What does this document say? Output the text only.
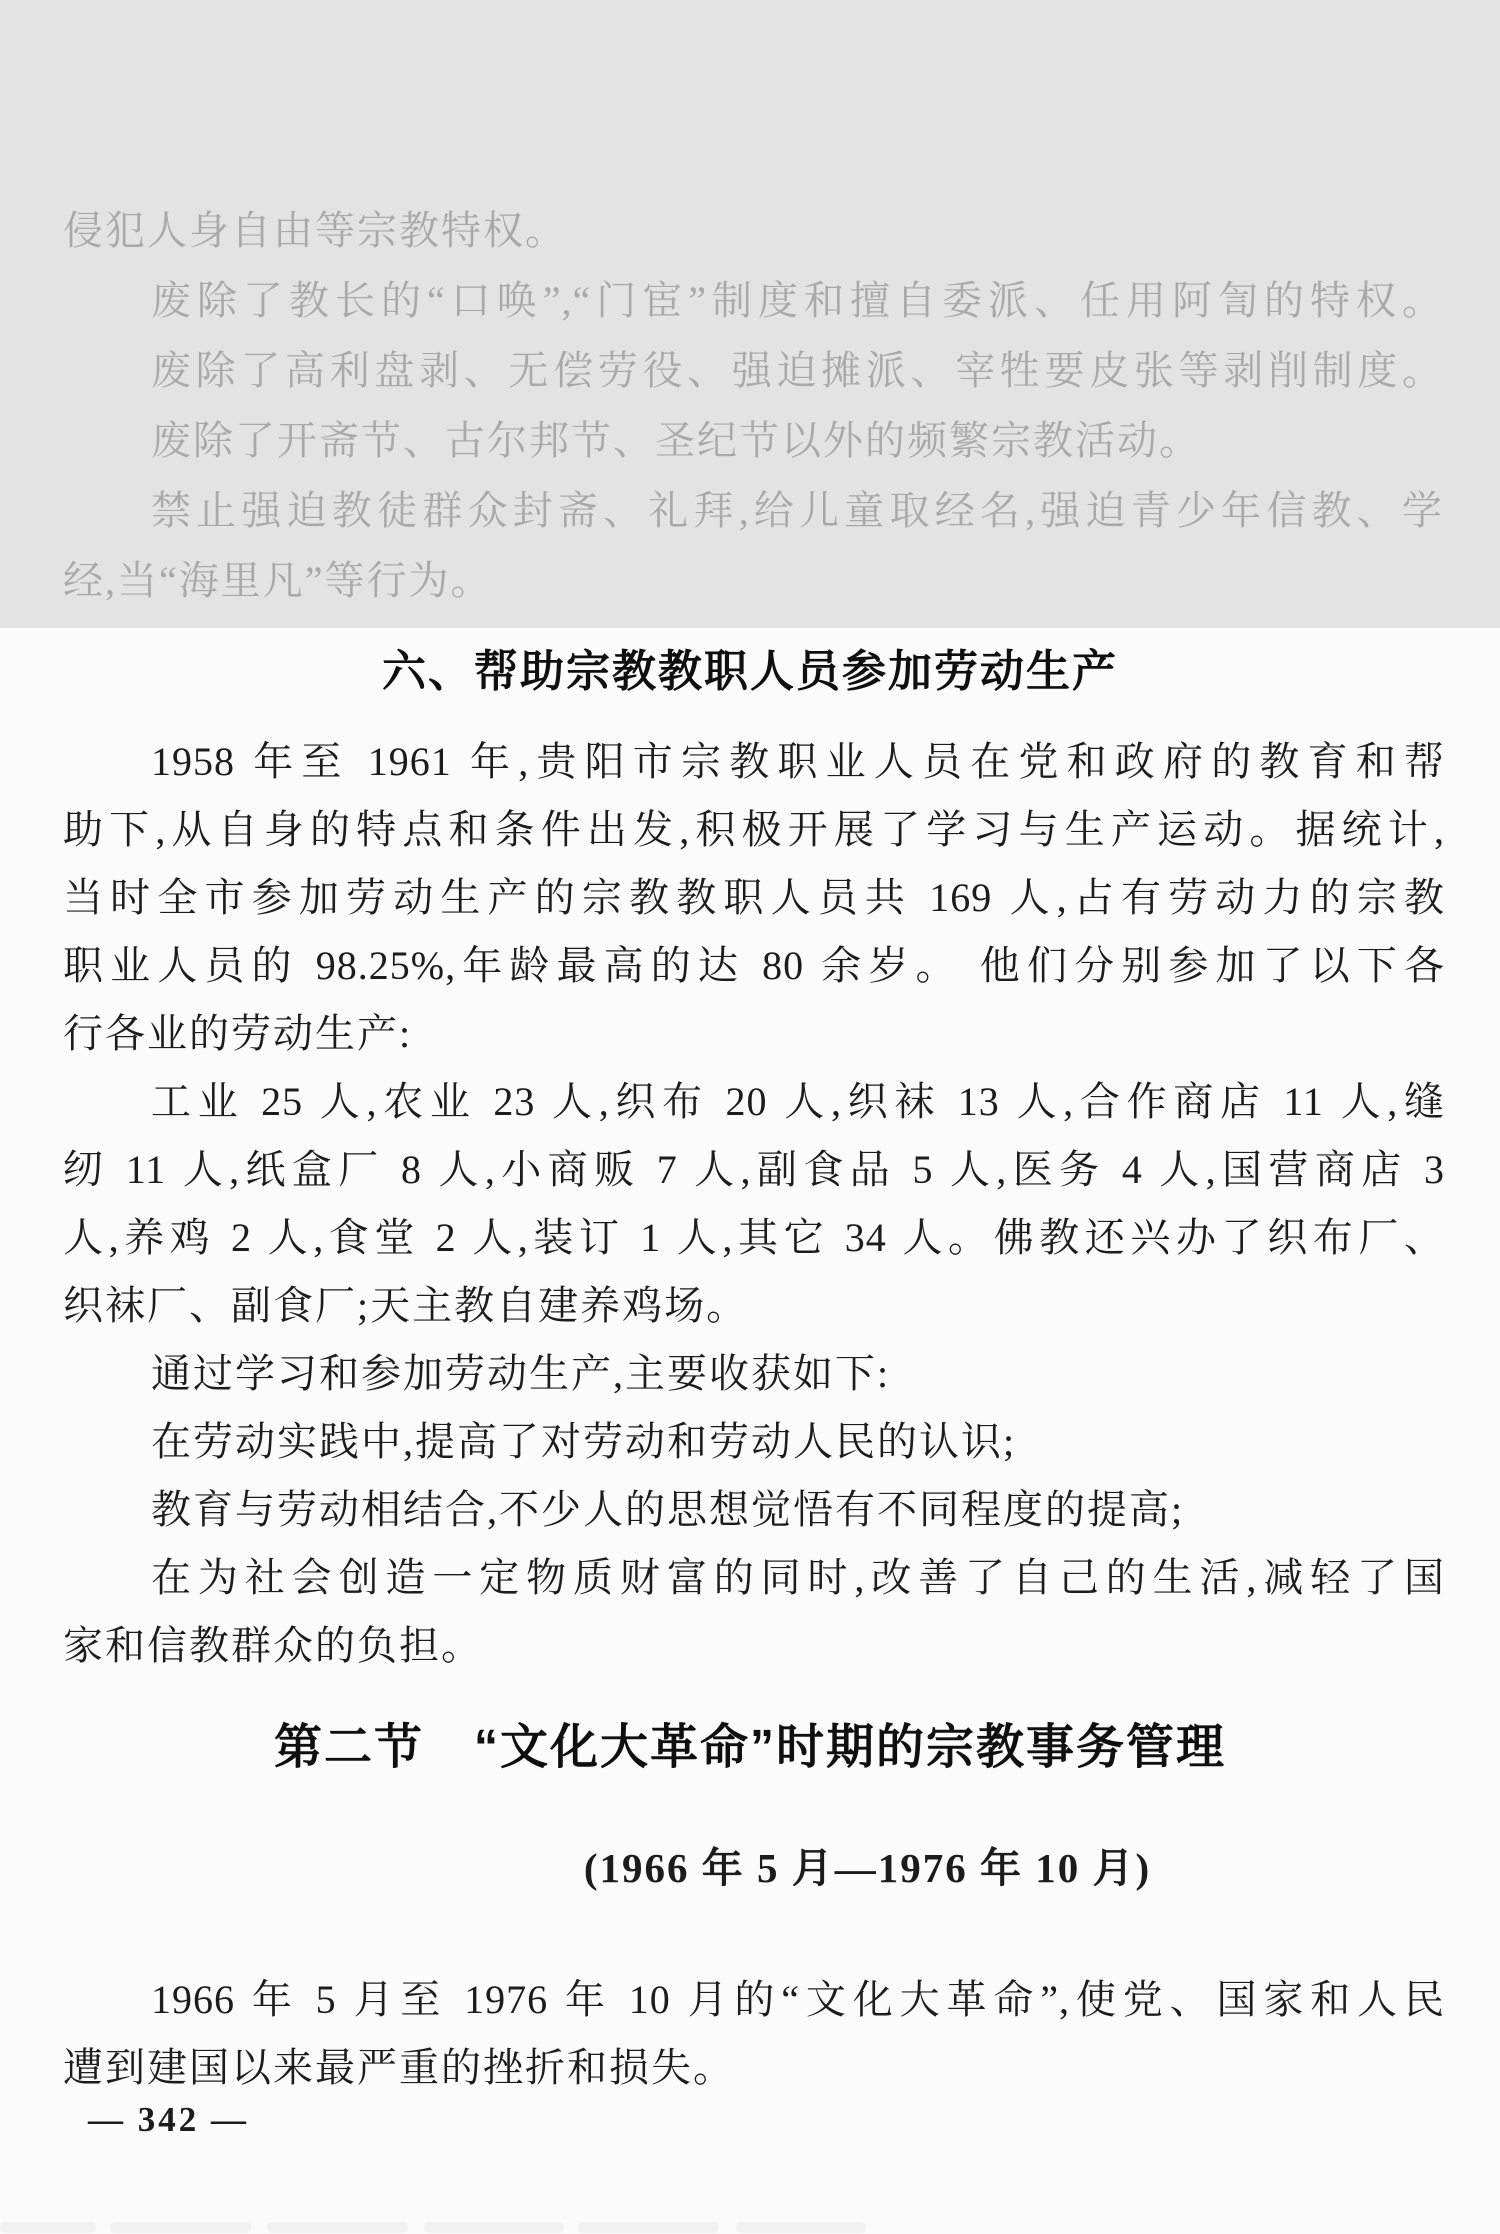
侵犯人身自由等宗教特权。
废除了教长的“口唤”,“门宦”制度和擅自委派、任用阿訇的特权。
废除了高利盘剥、无偿劳役、强迫摊派、宰牲要皮张等剥削制度。
废除了开斋节、古尔邦节、圣纪节以外的频繁宗教活动。
禁止强迫教徒群众封斋、礼拜,给儿童取经名,强迫青少年信教、学
经,当“海里凡”等行为。
六、帮助宗教教职人员参加劳动生产
1958 年至 1961 年,贵阳市宗教职业人员在党和政府的教育和帮
助下,从自身的特点和条件出发,积极开展了学习与生产运动。据统计,
当时全市参加劳动生产的宗教教职人员共 169 人,占有劳动力的宗教
职业人员的 98.25%,年龄最高的达 80 余岁。 他们分别参加了以下各
行各业的劳动生产:
工业 25 人,农业 23 人,织布 20 人,织袜 13 人,合作商店 11 人,缝
纫 11 人,纸盒厂 8 人,小商贩 7 人,副食品 5 人,医务 4 人,国营商店 3
人,养鸡 2 人,食堂 2 人,装订 1 人,其它 34 人。佛教还兴办了织布厂、
织袜厂、副食厂;天主教自建养鸡场。
通过学习和参加劳动生产,主要收获如下:
在劳动实践中,提高了对劳动和劳动人民的认识;
教育与劳动相结合,不少人的思想觉悟有不同程度的提高;
在为社会创造一定物质财富的同时,改善了自己的生活,减轻了国
家和信教群众的负担。
第二节　“文化大革命”时期的宗教事务管理
(1966 年 5 月—1976 年 10 月)
1966 年 5 月至 1976 年 10 月的“文化大革命”,使党、国家和人民
遭到建国以来最严重的挫折和损失。
— 342 —
